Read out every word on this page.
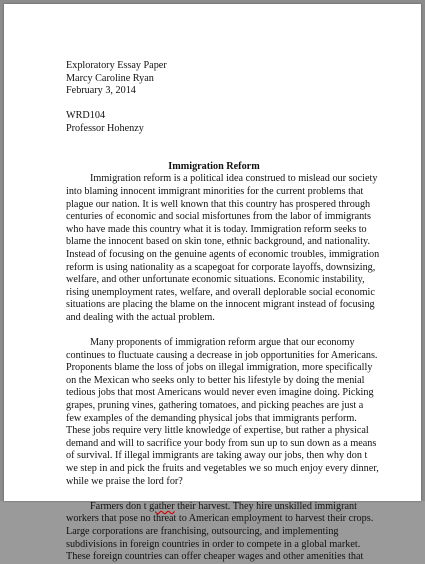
Exploratory Essay Paper
Marcy Caroline Ryan
February 3, 2014
WRD104
Professor Hohenzy
Immigration Reform
Immigration reform is a political idea construed to mislead our society
into blaming innocent immigrant minorities for the current problems that
plague our nation. It is well known that this country has prospered through
centuries of economic and social misfortunes from the labor of immigrants
who have made this country what it is today. Immigration reform seeks to
blame the innocent based on skin tone, ethnic background, and nationality.
Instead of focusing on the genuine agents of economic troubles, immigration
reform is using nationality as a scapegoat for corporate layoffs, downsizing,
welfare, and other unfortunate economic situations. Economic instability,
rising unemployment rates, welfare, and overall deplorable social economic
situations are placing the blame on the innocent migrant instead of focusing
and dealing with the actual problem.
Many proponents of immigration reform argue that our economy
continues to fluctuate causing a decrease in job opportunities for Americans.
Proponents blame the loss of jobs on illegal immigration, more specifically
on the Mexican who seeks only to better his lifestyle by doing the menial
tedious jobs that most Americans would never even imagine doing. Picking
grapes, pruning vines, gathering tomatoes, and picking peaches are just a
few examples of the demanding physical jobs that immigrants perform.
These jobs require very little knowledge of expertise, but rather a physical
demand and will to sacrifice your body from sun up to sun down as a means
of survival. If illegal immigrants are taking away our jobs, then why don t
we step in and pick the fruits and vegetables we so much enjoy every dinner,
while we praise the lord for?
Farmers don t gather their harvest. They hire unskilled immigrant
workers that pose no threat to American employment to harvest their crops.
Large corporations are franchising, outsourcing, and implementing
subdivisions in foreign countries in order to compete in a global market.
These foreign countries can offer cheaper wages and other amenities that
